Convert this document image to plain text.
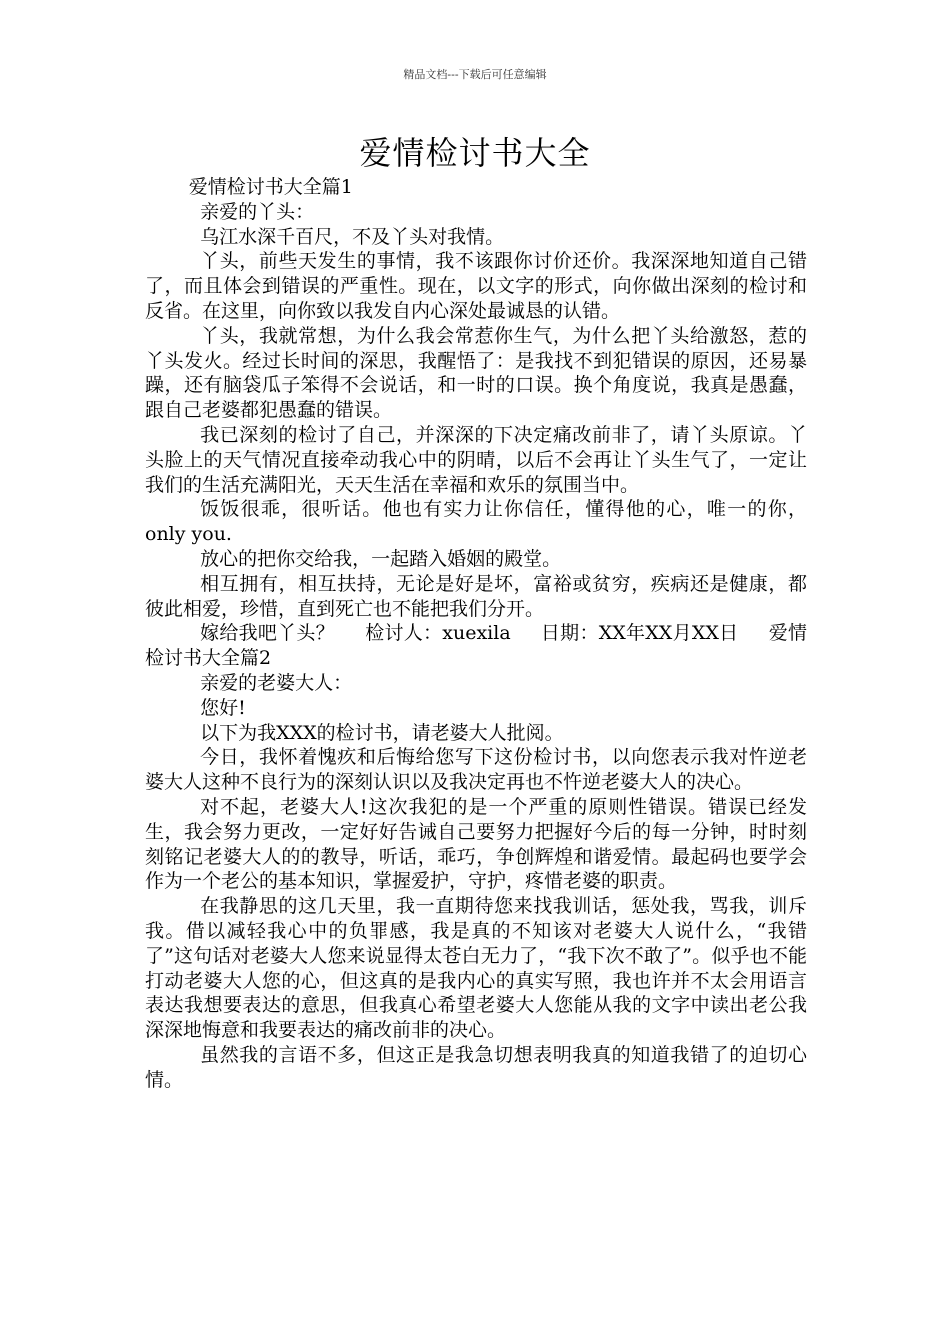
精品文档---下载后可任意编辑
爱情检讨书大全

爱情检讨书大全篇1

亲爱的丫头：

乌江水深千百尺，不及丫头对我情。

丫头，前些天发生的事情，我不该跟你讨价还价。我深深地知道自己错了，而且体会到错误的严重性。现在，以文字的形式，向你做出深刻的检讨和反省。在这里，向你致以我发自内心深处最诚恳的认错。

丫头，我就常想，为什么我会常惹你生气，为什么把丫头给激怒，惹的丫头发火。经过长时间的深思，我醒悟了：是我找不到犯错误的原因，还易暴躁，还有脑袋瓜子笨得不会说话，和一时的口误。换个角度说，我真是愚蠢，跟自己老婆都犯愚蠢的错误。

我已深刻的检讨了自己，并深深的下决定痛改前非了，请丫头原谅。丫头脸上的天气情况直接牵动我心中的阴晴，以后不会再让丫头生气了，一定让我们的生活充满阳光，天天生活在幸福和欢乐的氛围当中。

饭饭很乖，很听话。他也有实力让你信任，懂得他的心，唯一的你，only you.

放心的把你交给我，一起踏入婚姻的殿堂。

相互拥有，相互扶持，无论是好是坏，富裕或贫穷，疾病还是健康，都彼此相爱，珍惜，直到死亡也不能把我们分开。

嫁给我吧丫头？ 检讨人：xuexila 日期：XX年XX月XX日 爱情检讨书大全篇2

亲爱的老婆大人：

您好!

以下为我XXX的检讨书，请老婆大人批阅。

今日，我怀着愧疚和后悔给您写下这份检讨书，以向您表示我对忤逆老婆大人这种不良行为的深刻认识以及我决定再也不忤逆老婆大人的决心。

对不起，老婆大人!这次我犯的是一个严重的原则性错误。错误已经发生，我会努力更改，一定好好告诫自己要努力把握好今后的每一分钟，时时刻刻铭记老婆大人的的教导，听话，乖巧，争创辉煌和谐爱情。最起码也要学会作为一个老公的基本知识，掌握爱护，守护，疼惜老婆的职责。

在我静思的这几天里，我一直期待您来找我训话，惩处我，骂我，训斥我。借以减轻我心中的负罪感，我是真的不知该对老婆大人说什么，“我错了”这句话对老婆大人您来说显得太苍白无力了，“我下次不敢了”。似乎也不能打动老婆大人您的心，但这真的是我内心的真实写照，我也许并不太会用语言表达我想要表达的意思，但我真心希望老婆大人您能从我的文字中读出老公我深深地悔意和我要表达的痛改前非的决心。

虽然我的言语不多，但这正是我急切想表明我真的知道我错了的迫切心情。
